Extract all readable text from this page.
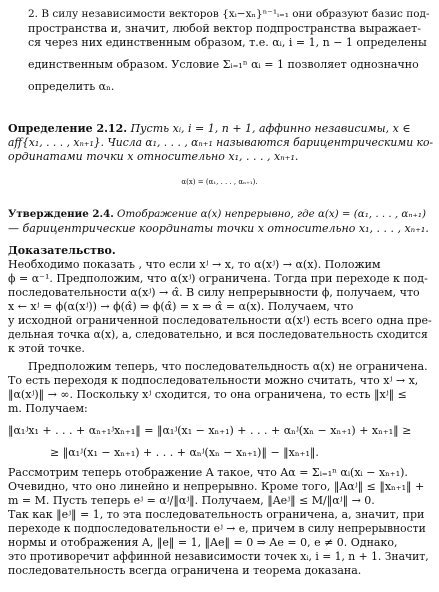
2. В силу независимости векторов {xᵢ−xₙ}ⁿ⁻¹ᵢ₌₁ они образуют базис под-
пространства и, значит, любой вектор подпространства выражает-
ся через них единственным образом, т.е. αᵢ, i = 1, n − 1 определены
единственным образом. Условие Σᵢ₌₁ⁿ αᵢ = 1 позволяет однозначно
определить αₙ.
Определение 2.12. Пусть xᵢ, i = 1, n + 1, аффинно независимы, x ∈
aff{x₁, . . . , xₙ₊₁}. Числа α₁, . . . , αₙ₊₁ называются барицентрическими ко-
ординатами точки x относительно x₁, . . . , xₙ₊₁.
α(x) = (α₁, . . . , αₙ₊₁).
Утверждение 2.4. Отображение α(x) непрерывно, где α(x) = (α₁, . . . , αₙ₊₁)
— барицентрические координаты точки x относительно x₁, . . . , xₙ₊₁.
Доказательство.
Необходимо показать , что если xʲ → x, то α(xʲ) → α(x). Положим
ϕ = α⁻¹. Предположим, что α(xʲ) ограничена. Тогда при переходе к под-
последовательности α(xʲ) → α̂. В силу непрерывности ϕ, получаем, что
x ← xʲ = ϕ(α(xʲ)) → ϕ(α̂) ⇒ ϕ(α̂) = x ⇒ α̂ = α(x). Получаем, что
у исходной ограниченной последовательности α(xʲ) есть всего одна пре-
дельная точка α(x), а, следовательно, и вся последовательность сходится
к этой точке.
Предположим теперь, что последовательдность α(x) не ограничена.
То есть переходя к подпоследовательности можно считать, что xʲ → x,
‖α(xʲ)‖ → ∞. Поскольку xʲ сходится, то она ограничена, то есть ‖xʲ‖ ≤
m. Получаем:
‖α₁ʲx₁ + . . . + αₙ₊₁ʲxₙ₊₁‖ = ‖α₁ʲ(x₁ − xₙ₊₁) + . . . + αₙʲ(xₙ − xₙ₊₁) + xₙ₊₁‖ ≥
≥ ‖α₁ʲ(x₁ − xₙ₊₁) + . . . + αₙʲ(xₙ − xₙ₊₁)‖ − ‖xₙ₊₁‖.
Рассмотрим теперь отображение A такое, что Aα = Σᵢ₌₁ⁿ αᵢ(xᵢ − xₙ₊₁).
Очевидно, что оно линейно и непрерывно. Кроме того, ‖Aαʲ‖ ≤ ‖xₙ₊₁‖ +
m = M. Пусть теперь eʲ = αʲ/‖αʲ‖. Получаем, ‖Aeʲ‖ ≤ M/‖αʲ‖ → 0.
Так как ‖eʲ‖ = 1, то эта последовательность ограничена, а, значит, при
переходе к подпоследовательности eʲ → e, причем в силу непрерывности
нормы и отображения A, ‖e‖ = 1, ‖Ae‖ = 0 ⇒ Ae = 0, e ≠ 0. Однако,
это противоречит аффинной независимости точек xᵢ, i = 1, n + 1. Значит,
последовательность всегда ограничена и теорема доказана.
